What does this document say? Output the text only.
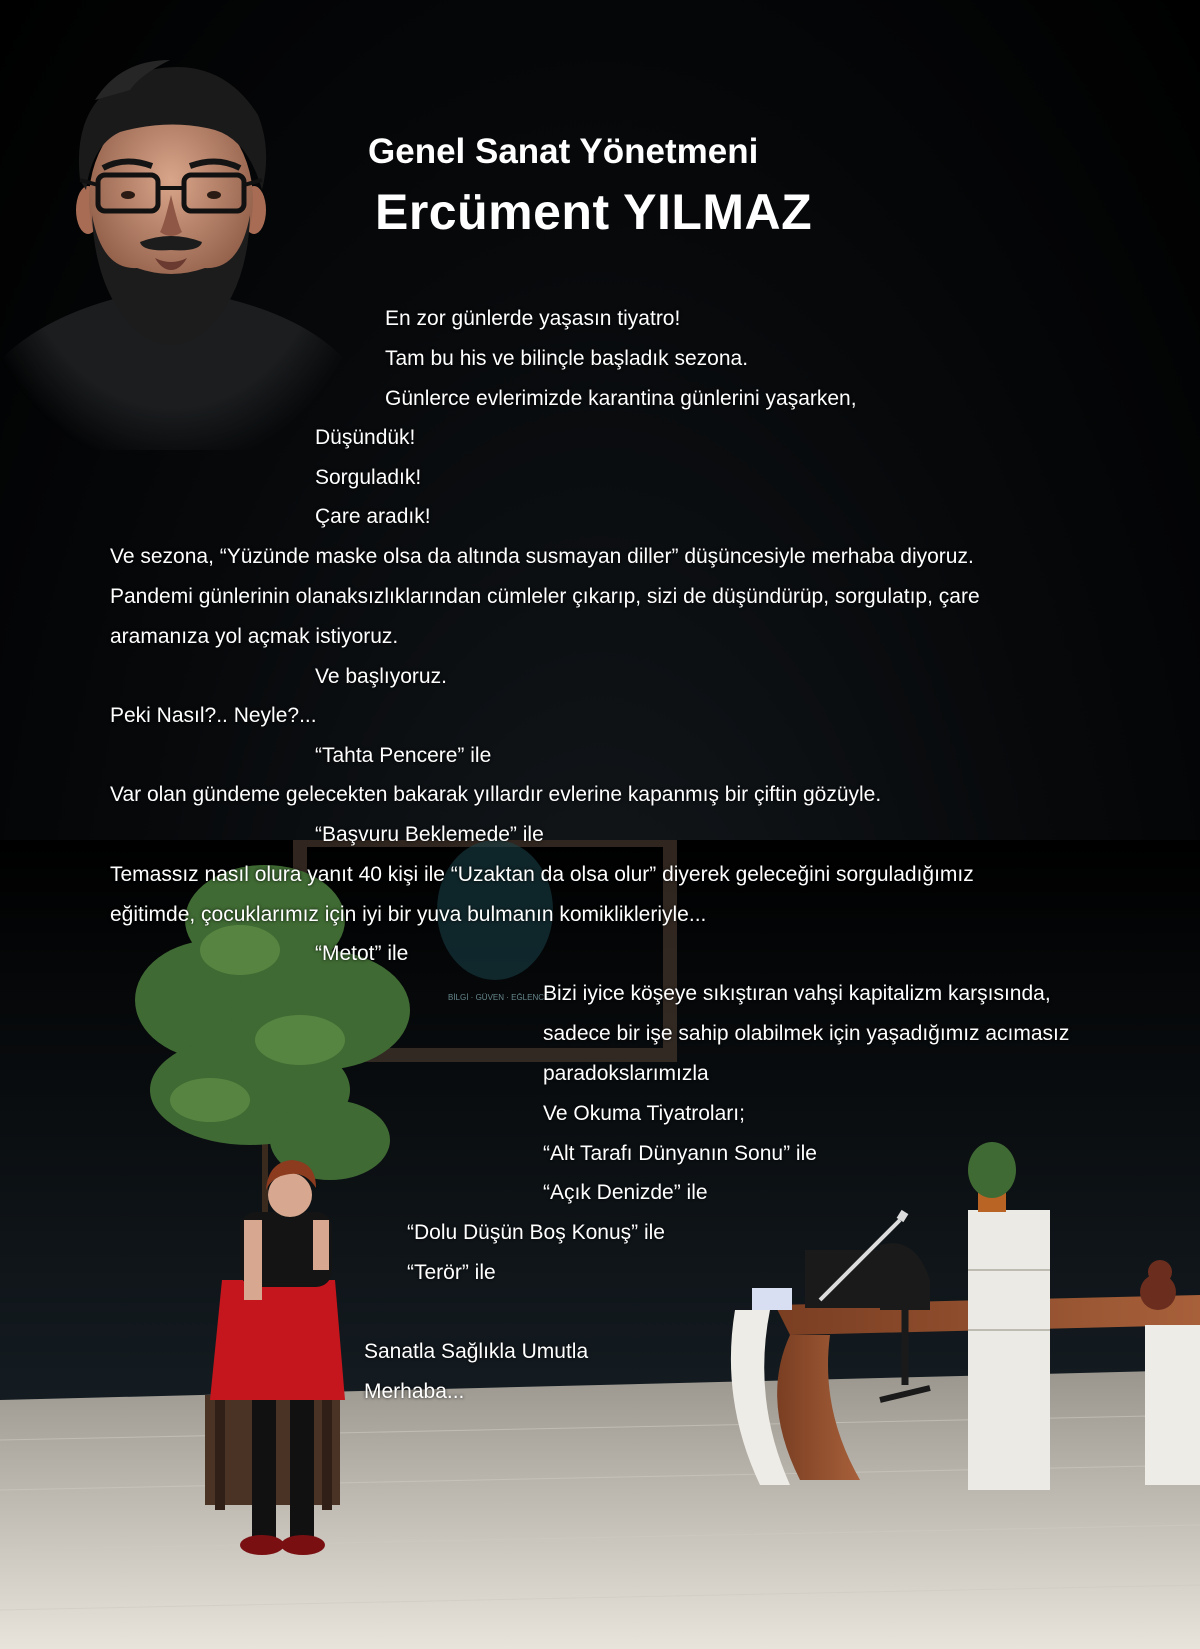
BİLGİ · GÜVEN · EĞLENCE
Genel Sanat Yönetmeni
Ercüment YILMAZ
En zor günlerde yaşasın tiyatro!
Tam bu his ve bilinçle başladık sezona.
Günlerce evlerimizde karantina günlerini yaşarken,
Düşündük!
Sorguladık!
Çare aradık!
Ve sezona, “Yüzünde maske olsa da altında susmayan diller” düşüncesiyle merhaba diyoruz.
Pandemi günlerinin olanaksızlıklarından cümleler çıkarıp, sizi de düşündürüp, sorgulatıp, çare
aramanıza yol açmak istiyoruz.
Ve başlıyoruz.
Peki Nasıl?.. Neyle?...
“Tahta Pencere” ile
Var olan gündeme gelecekten bakarak yıllardır evlerine kapanmış bir çiftin gözüyle.
“Başvuru Beklemede” ile
Temassız nasıl olura yanıt 40 kişi ile “Uzaktan da olsa olur” diyerek geleceğini sorguladığımız
eğitimde, çocuklarımız için iyi bir yuva bulmanın komiklikleriyle...
“Metot” ile
Bizi iyice köşeye sıkıştıran vahşi kapitalizm karşısında,
sadece bir işe sahip olabilmek için yaşadığımız acımasız
paradokslarımızla
Ve Okuma Tiyatroları;
“Alt Tarafı Dünyanın Sonu” ile
“Açık Denizde” ile
“Dolu Düşün Boş Konuş” ile
“Terör” ile
Sanatla Sağlıkla Umutla
Merhaba...
